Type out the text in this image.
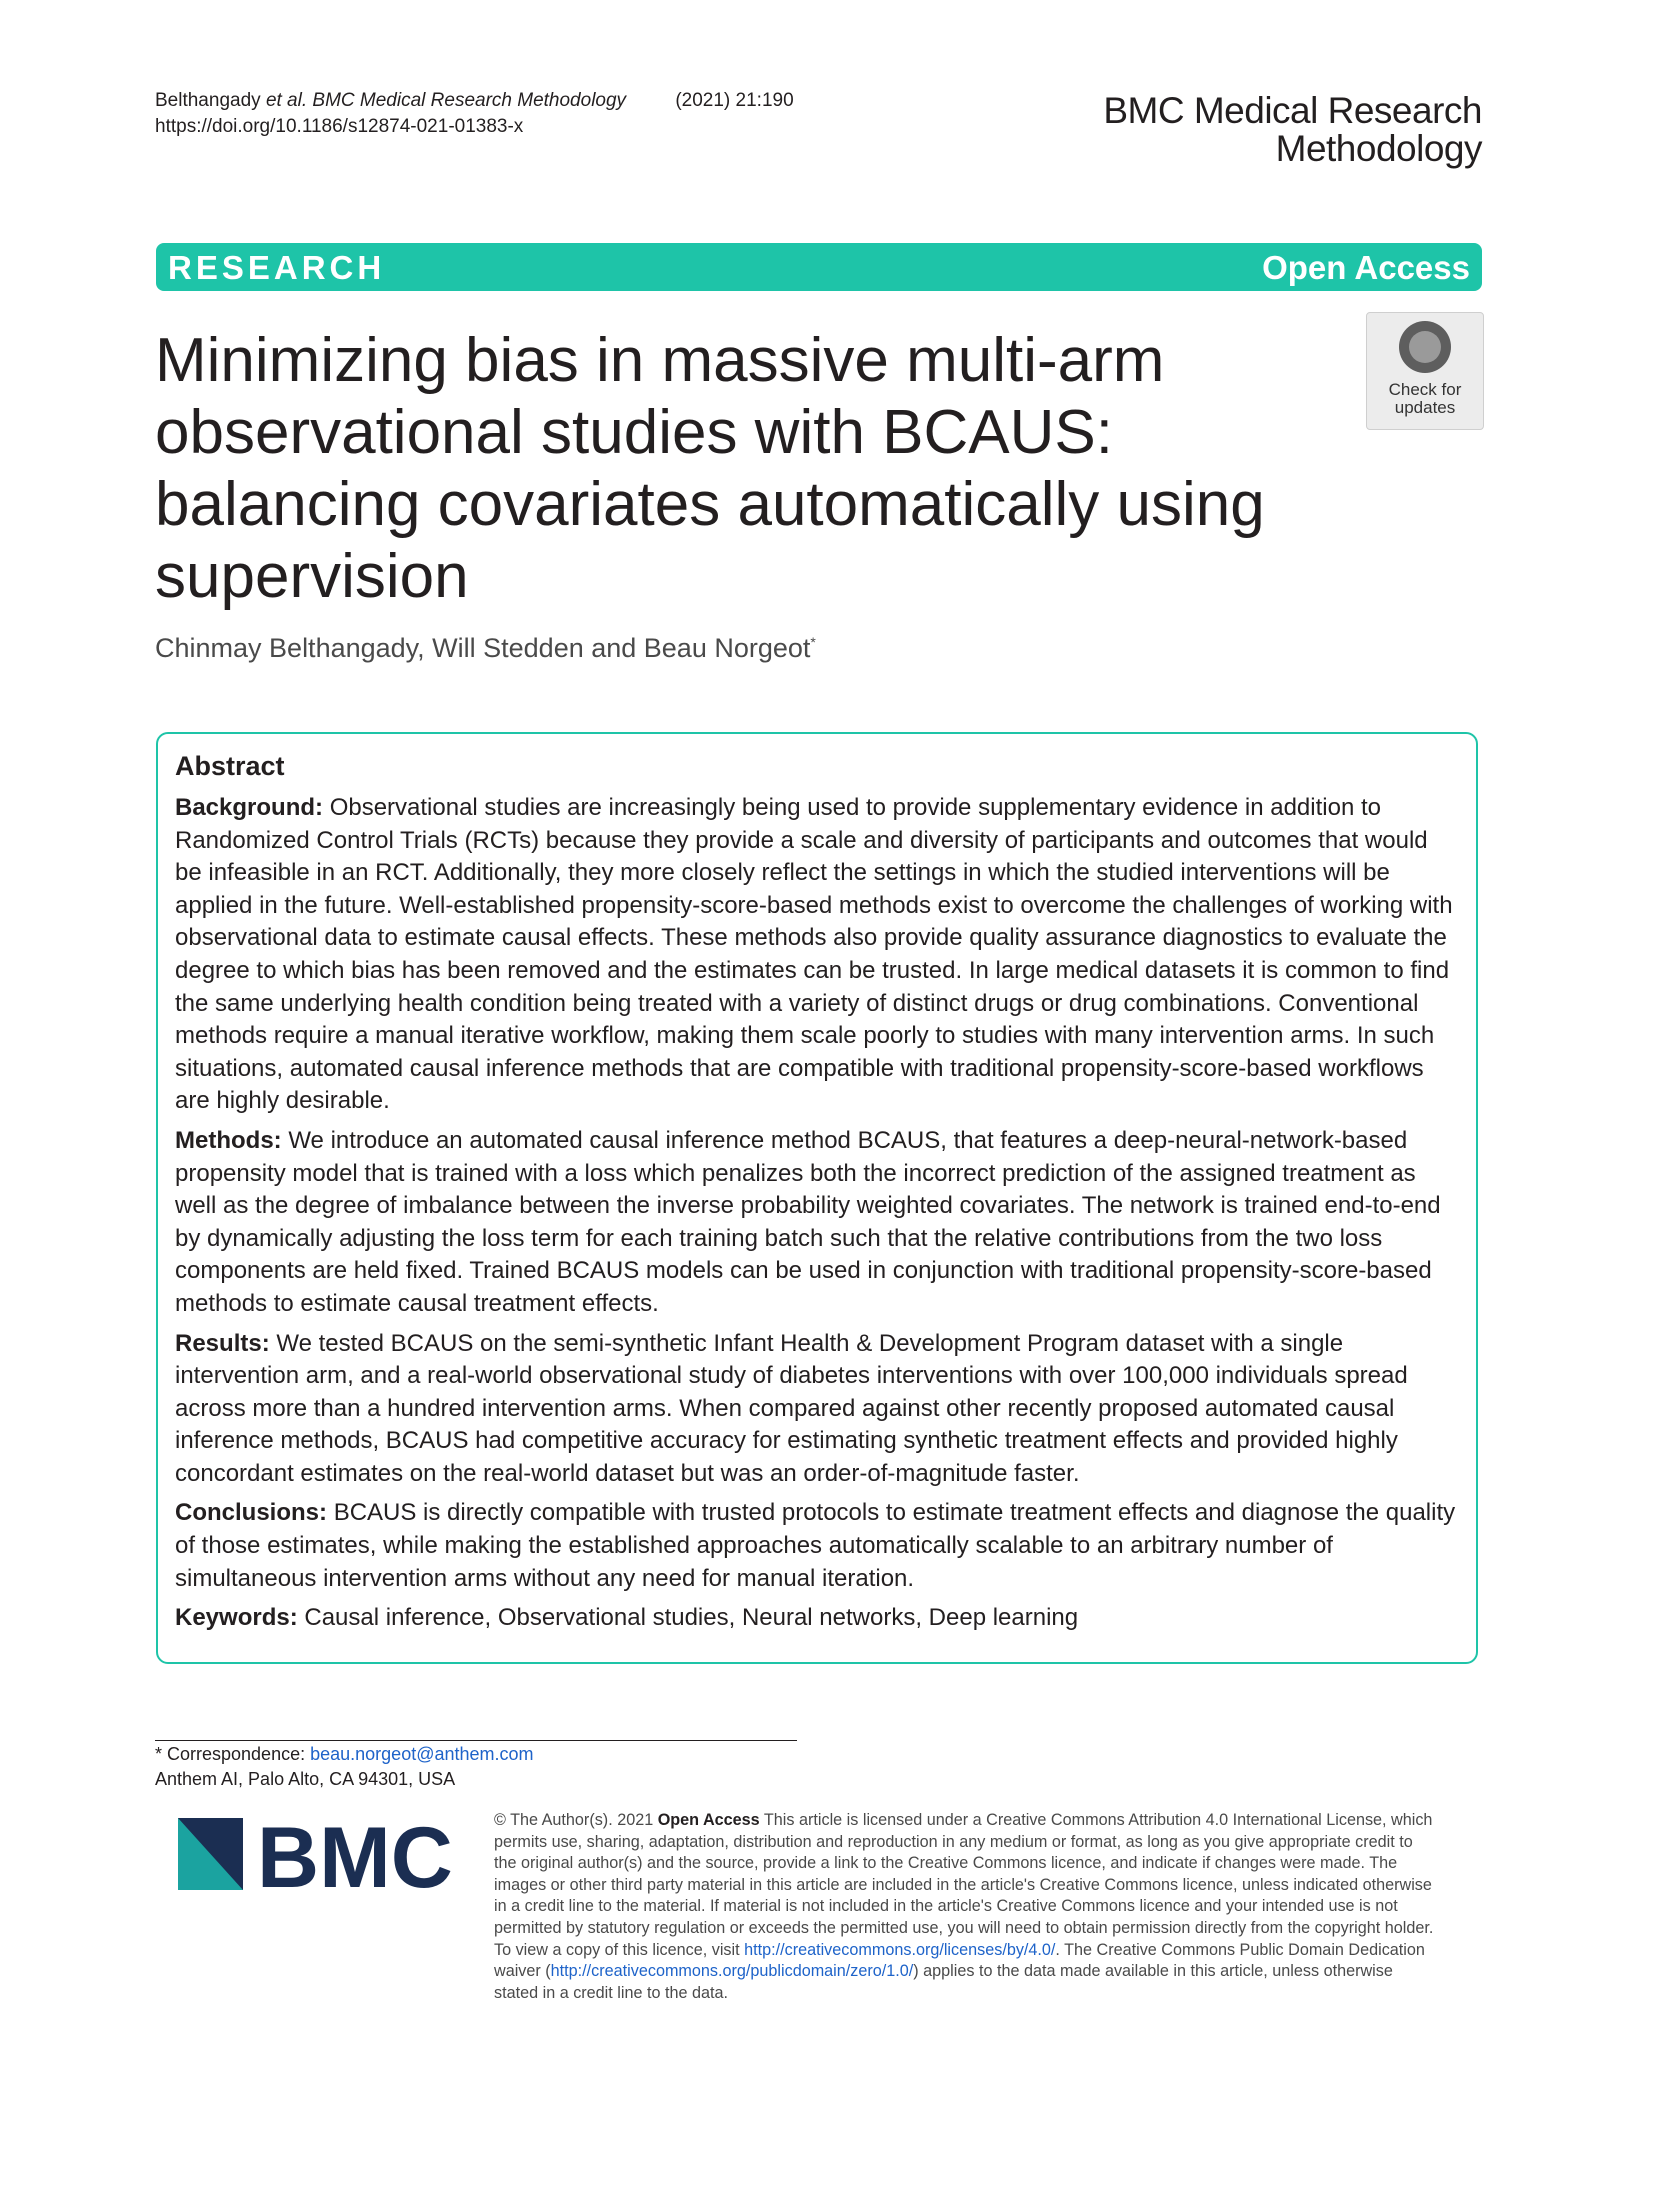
Belthangady et al. BMC Medical Research Methodology	(2021) 21:190
https://doi.org/10.1186/s12874-021-01383-x	BMC Medical Research
Methodology
RESEARCH	Open Access
Minimizing bias in massive multi-arm observational studies with BCAUS: balancing covariates automatically using supervision
Check for
updates
Chinmay Belthangady, Will Stedden and Beau Norgeot*
Abstract

Background: Observational studies are increasingly being used to provide supplementary evidence in addition to Randomized Control Trials (RCTs) because they provide a scale and diversity of participants and outcomes that would be infeasible in an RCT. Additionally, they more closely reflect the settings in which the studied interventions will be applied in the future. Well-established propensity-score-based methods exist to overcome the challenges of working with observational data to estimate causal effects. These methods also provide quality assurance diagnostics to evaluate the degree to which bias has been removed and the estimates can be trusted. In large medical datasets it is common to find the same underlying health condition being treated with a variety of distinct drugs or drug combinations. Conventional methods require a manual iterative workflow, making them scale poorly to studies with many intervention arms. In such situations, automated causal inference methods that are compatible with traditional propensity-score-based workflows are highly desirable.

Methods: We introduce an automated causal inference method BCAUS, that features a deep-neural-network-based propensity model that is trained with a loss which penalizes both the incorrect prediction of the assigned treatment as well as the degree of imbalance between the inverse probability weighted covariates. The network is trained end-to-end by dynamically adjusting the loss term for each training batch such that the relative contributions from the two loss components are held fixed. Trained BCAUS models can be used in conjunction with traditional propensity-score-based methods to estimate causal treatment effects.

Results: We tested BCAUS on the semi-synthetic Infant Health & Development Program dataset with a single intervention arm, and a real-world observational study of diabetes interventions with over 100,000 individuals spread across more than a hundred intervention arms. When compared against other recently proposed automated causal inference methods, BCAUS had competitive accuracy for estimating synthetic treatment effects and provided highly concordant estimates on the real-world dataset but was an order-of-magnitude faster.

Conclusions: BCAUS is directly compatible with trusted protocols to estimate treatment effects and diagnose the quality of those estimates, while making the established approaches automatically scalable to an arbitrary number of simultaneous intervention arms without any need for manual iteration.

Keywords: Causal inference, Observational studies, Neural networks, Deep learning

* Correspondence: beau.norgeot@anthem.com
Anthem AI, Palo Alto, CA 94301, USA
BMC	© The Author(s). 2021 Open Access This article is licensed under a Creative Commons Attribution 4.0 International License, which permits use, sharing, adaptation, distribution and reproduction in any medium or format, as long as you give appropriate credit to the original author(s) and the source, provide a link to the Creative Commons licence, and indicate if changes were made. The images or other third party material in this article are included in the article's Creative Commons licence, unless indicated otherwise in a credit line to the material. If material is not included in the article's Creative Commons licence and your intended use is not permitted by statutory regulation or exceeds the permitted use, you will need to obtain permission directly from the copyright holder. To view a copy of this licence, visit http://creativecommons.org/licenses/by/4.0/. The Creative Commons Public Domain Dedication waiver (http://creativecommons.org/publicdomain/zero/1.0/) applies to the data made available in this article, unless otherwise stated in a credit line to the data.
